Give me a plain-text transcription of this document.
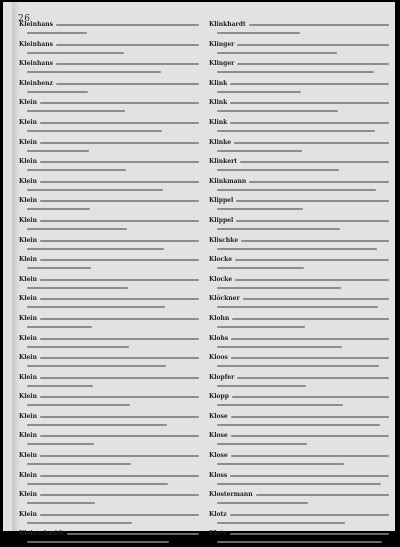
26
Kleinhans
Kleinhans
Kleinhans
Kleinhenz
Klein
Klein
Klein
Klein
Klein
Klein
Klein
Klein
Klein
Klein
Klein
Klein
Klein
Klein
Klein
Klein
Klein
Klein
Klein
Klein
Klein
Klein
Kleinschmidt
Klinkhardt
Klinger
Klinger
Klink
Klink
Klink
Klinke
Klinkert
Klinkmann
Klippel
Klippel
Klischke
Klocke
Klocke
Klöckner
Klohn
Klohs
Kloos
Klopfer
Klopp
Klose
Klose
Klose
Kloss
Klostermann
Klotz
Klotz
